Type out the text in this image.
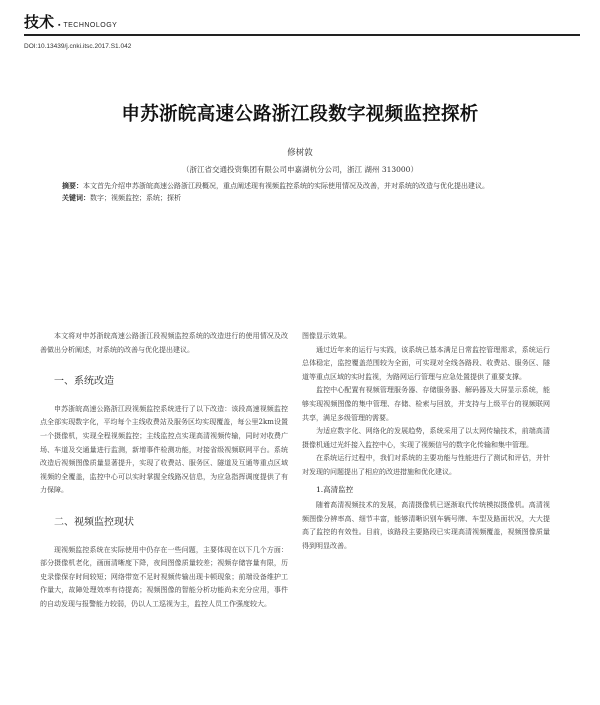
技术 ▪ TECHNOLOGY
DOI:10.13439/j.cnki.itsc.2017.S1.042
申苏浙皖高速公路浙江段数字视频监控探析
修树敦
（浙江省交通投资集团有限公司申嘉湖杭分公司，浙江 湖州 313000）
摘要：本文首先介绍申苏浙皖高速公路浙江段概况，重点阐述现有视频监控系统的实际使用情况及改善，并对系统的改造与优化提出建议。
关键词：数字；视频监控；系统；探析

本文将对申苏浙皖高速公路浙江段视频监控系统的改造进行的使用情况及改善做出分析阐述，对系统的改善与优化提出建议。

一、系统改造

申苏浙皖高速公路浙江段视频监控系统进行了以下改造：该段高速视频监控点全部实现数字化，平均每个主线收费站及服务区均实现覆盖，每公里2km设置一个摄像机，实现全程视频监控；主线监控点实现高清视频传输，同时对收费广场、车道及交通量进行监测，新增事件检测功能，对接省级视频联网平台。系统改造后视频图像质量显著提升，实现了收费站、服务区、隧道及互通等重点区域视频的全覆盖，监控中心可以实时掌握全线路况信息，为应急指挥调度提供了有力保障。

二、视频监控现状

现视频监控系统在实际使用中仍存在一些问题，主要体现在以下几个方面：部分摄像机老化，画面清晰度下降，夜间图像质量较差；视频存储容量有限，历史录像保存时间较短；网络带宽不足时视频传输出现卡顿现象；前端设备维护工作量大，故障处理效率有待提高；视频图像的智能分析功能尚未充分应用，事件的自动发现与报警能力较弱，仍以人工巡视为主，监控人员工作强度较大。

图像显示效果。

通过近年来的运行与实践，该系统已基本满足日常监控管理需求，系统运行总体稳定，监控覆盖范围较为全面，可实现对全线各路段、收费站、服务区、隧道等重点区域的实时监视，为路网运行管理与应急处置提供了重要支撑。

监控中心配置有视频管理服务器、存储服务器、解码器及大屏显示系统，能够实现视频图像的集中管理、存储、检索与回放，并支持与上级平台的视频联网共享，满足多级管理的需要。

为适应数字化、网络化的发展趋势，系统采用了以太网传输技术，前端高清摄像机通过光纤接入监控中心，实现了视频信号的数字化传输和集中管理。

在系统运行过程中，我们对系统的主要功能与性能进行了测试和评估，并针对发现的问题提出了相应的改进措施和优化建议。

1.高清监控

随着高清视频技术的发展，高清摄像机已逐渐取代传统模拟摄像机。高清视频图像分辨率高、细节丰富，能够清晰识别车辆号牌、车型及路面状况，大大提高了监控的有效性。目前，该路段主要路段已实现高清视频覆盖，视频图像质量得到明显改善。
